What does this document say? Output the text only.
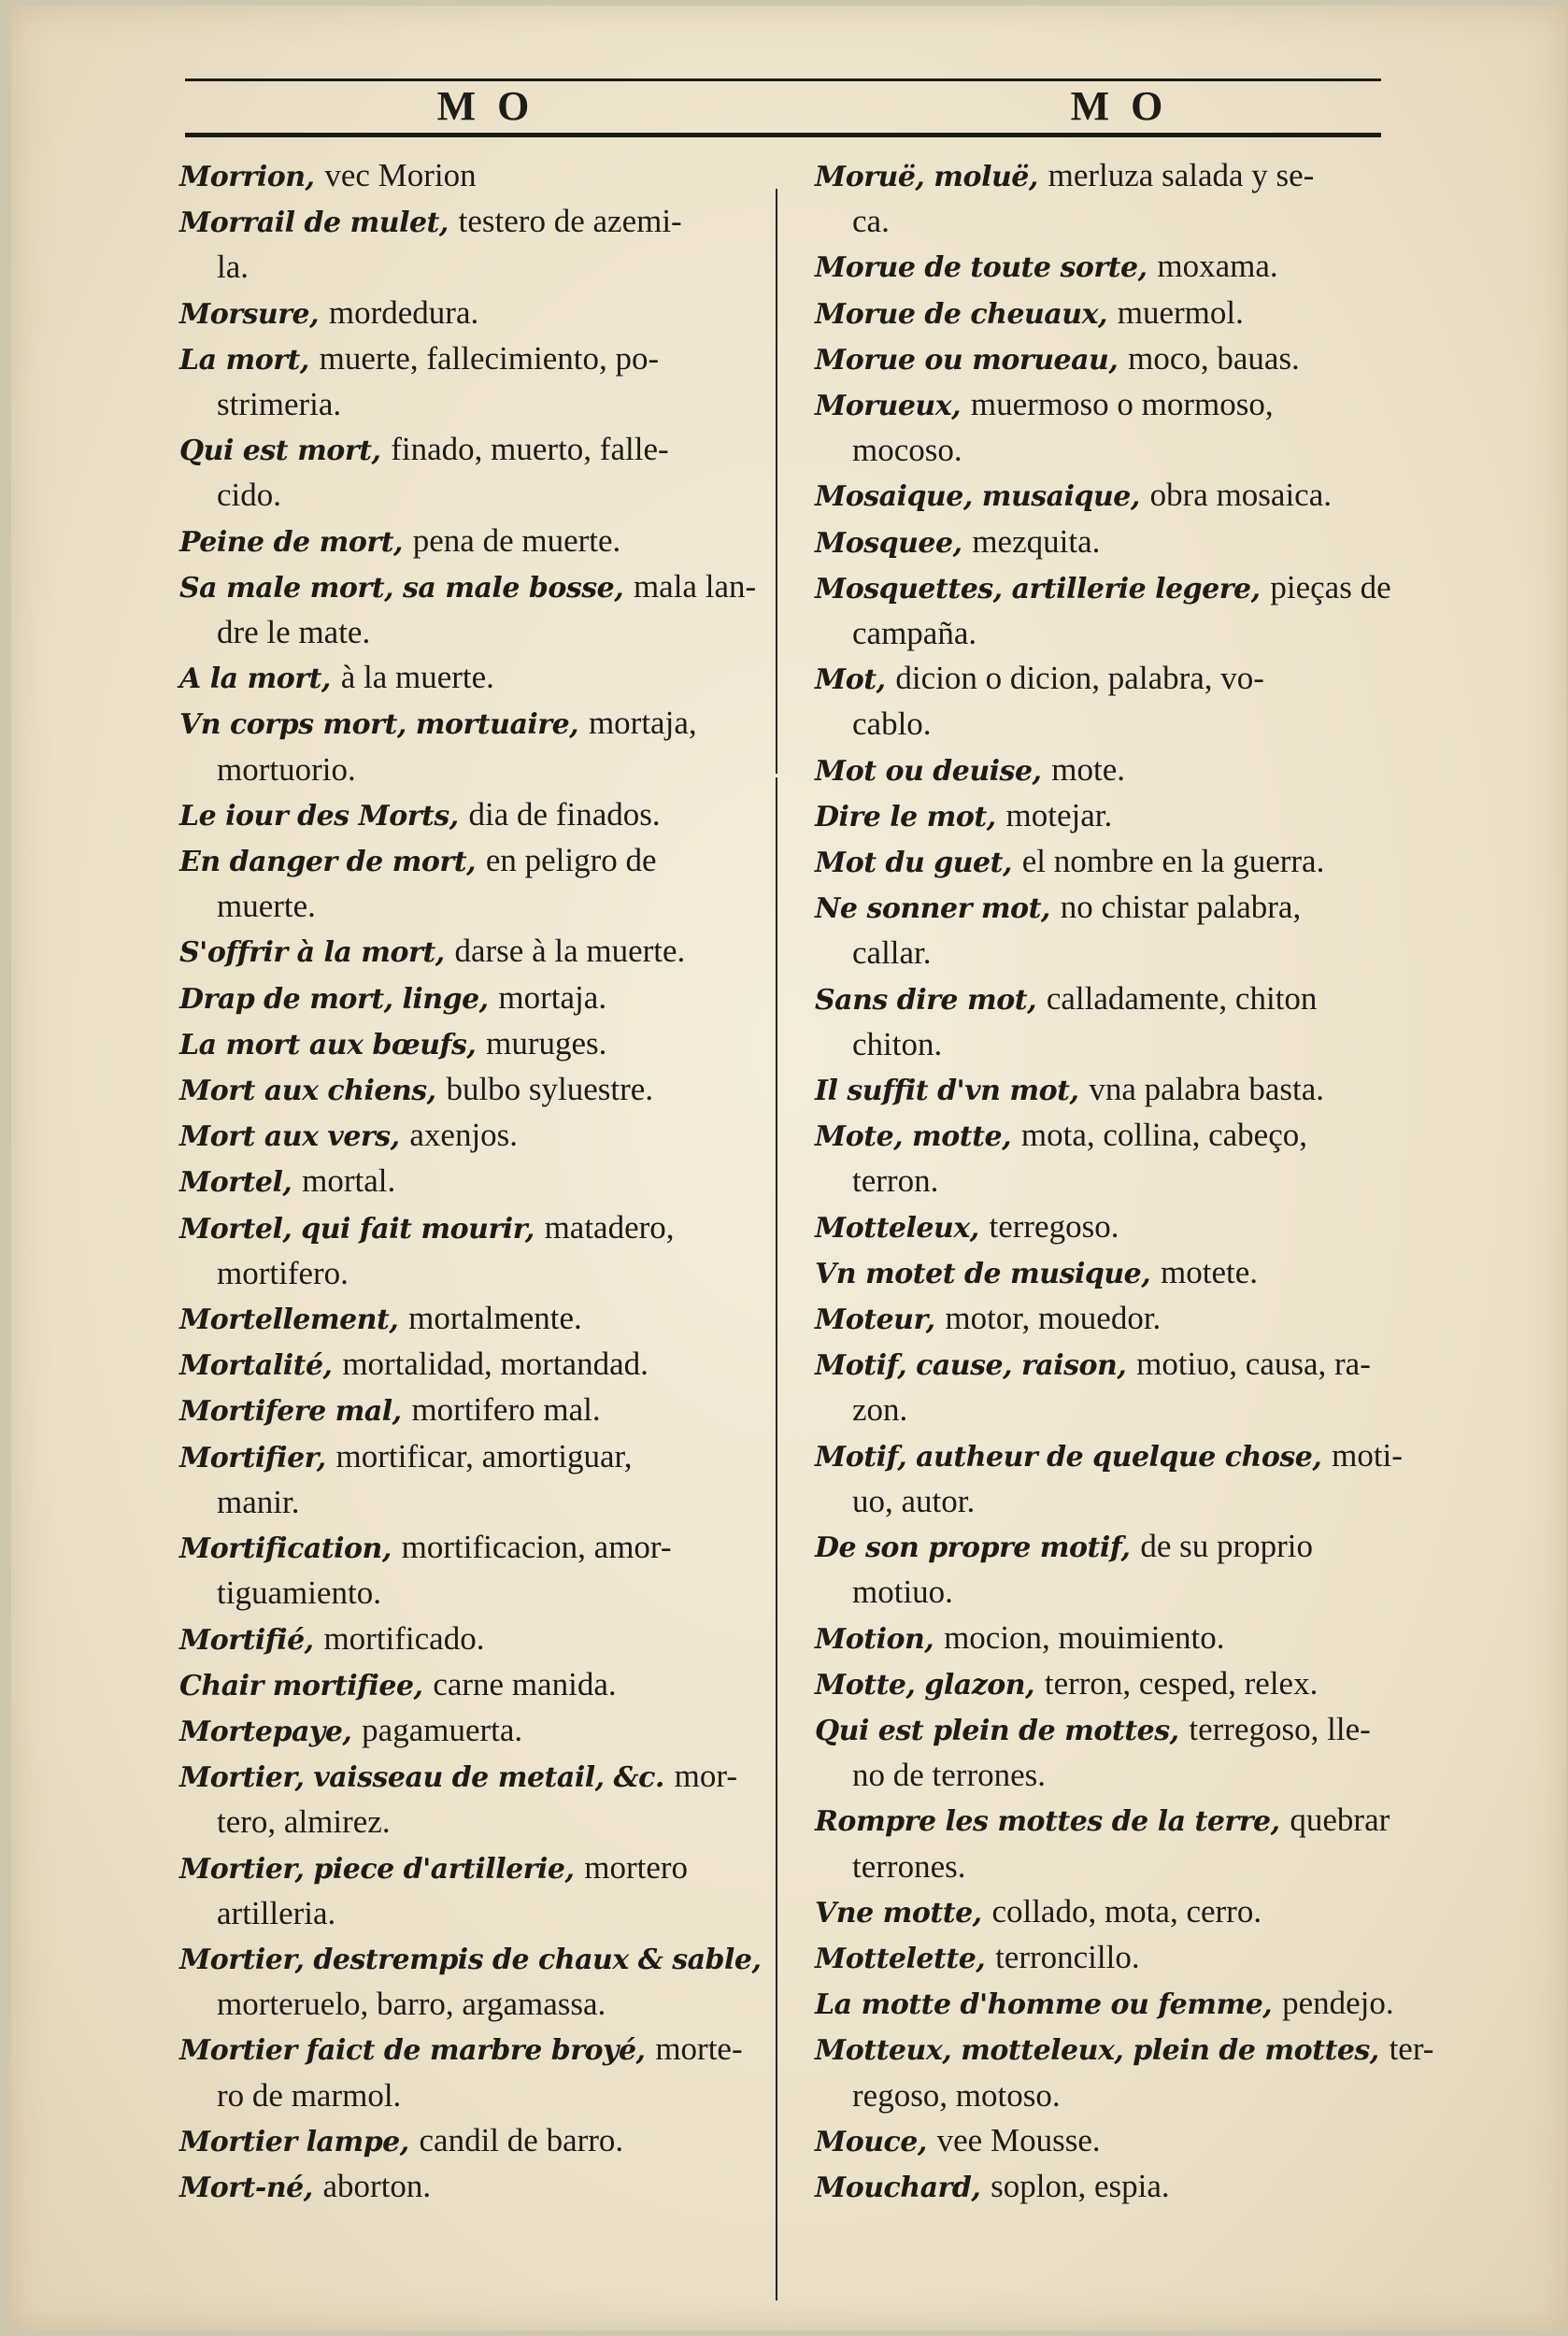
M O	M O
Morrion, vec Morion
Morrail de mulet, testero de azemi-
la.
Morsure, mordedura.
La mort, muerte, fallecimiento, po-
strimeria.
Qui est mort, finado, muerto, falle-
cido.
Peine de mort, pena de muerte.
Sa male mort, sa male bosse, mala lan-
dre le mate.
A la mort, à la muerte.
Vn corps mort, mortuaire, mortaja,
mortuorio.
Le iour des Morts, dia de finados.
En danger de mort, en peligro de
muerte.
S'offrir à la mort, darse à la muerte.
Drap de mort, linge, mortaja.
La mort aux bœufs, muruges.
Mort aux chiens, bulbo syluestre.
Mort aux vers, axenjos.
Mortel, mortal.
Mortel, qui fait mourir, matadero,
mortifero.
Mortellement, mortalmente.
Mortalité, mortalidad, mortandad.
Mortifere mal, mortifero mal.
Mortifier, mortificar, amortiguar,
manir.
Mortification, mortificacion, amor-
tiguamiento.
Mortifié, mortificado.
Chair mortifiee, carne manida.
Mortepaye, pagamuerta.
Mortier, vaisseau de metail, &c. mor-
tero, almirez.
Mortier, piece d'artillerie, mortero
artilleria.
Mortier, destrempis de chaux & sable,
morteruelo, barro, argamassa.
Mortier faict de marbre broyé, morte-
ro de marmol.
Mortier lampe, candil de barro.
Mort-né, aborton.
Moruë, moluë, merluza salada y se-
ca.
Morue de toute sorte, moxama.
Morue de cheuaux, muermol.
Morue ou morueau, moco, bauas.
Morueux, muermoso o mormoso,
mocoso.
Mosaique, musaique, obra mosaica.
Mosquee, mezquita.
Mosquettes, artillerie legere, pieças de
campaña.
Mot, dicion o dicion, palabra, vo-
cablo.
Mot ou deuise, mote.
Dire le mot, motejar.
Mot du guet, el nombre en la guerra.
Ne sonner mot, no chistar palabra,
callar.
Sans dire mot, calladamente, chiton
chiton.
Il suffit d'vn mot, vna palabra basta.
Mote, motte, mota, collina, cabeço,
terron.
Motteleux, terregoso.
Vn motet de musique, motete.
Moteur, motor, mouedor.
Motif, cause, raison, motiuo, causa, ra-
zon.
Motif, autheur de quelque chose, moti-
uo, autor.
De son propre motif, de su proprio
motiuo.
Motion, mocion, mouimiento.
Motte, glazon, terron, cesped, relex.
Qui est plein de mottes, terregoso, lle-
no de terrones.
Rompre les mottes de la terre, quebrar
terrones.
Vne motte, collado, mota, cerro.
Mottelette, terroncillo.
La motte d'homme ou femme, pendejo.
Motteux, motteleux, plein de mottes, ter-
regoso, motoso.
Mouce, vee Mousse.
Mouchard, soplon, espia.
